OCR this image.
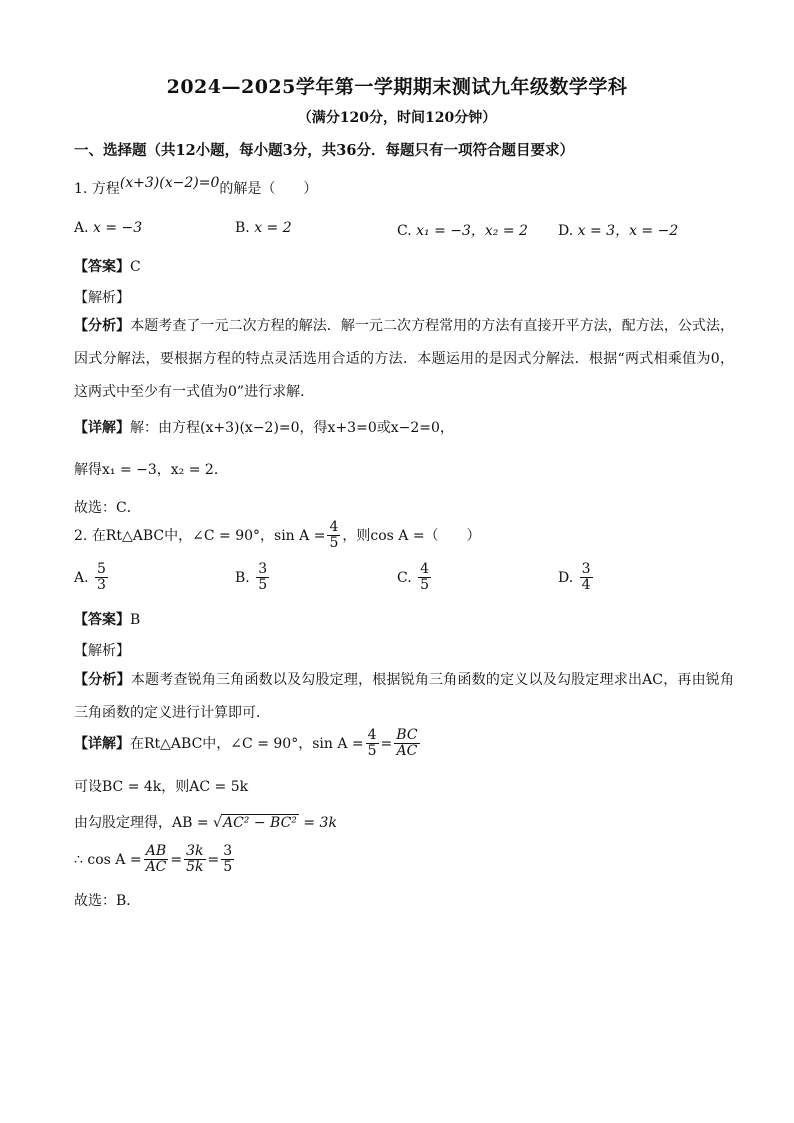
2024—2025学年第一学期期末测试九年级数学学科
（满分120分，时间120分钟）
一、选择题（共12小题，每小题3分，共36分．每题只有一项符合题目要求）
1. 方程(x+3)(x−2)=0的解是（　　）
A. x = −3	B. x = 2	C. x₁ = −3，x₂ = 2 D. x = 3，x = −2
【答案】C
【解析】
【分析】本题考查了一元二次方程的解法．解一元二次方程常用的方法有直接开平方法，配方法，公式法，因式分解法，要根据方程的特点灵活选用合适的方法．本题运用的是因式分解法．根据“两式相乘值为0，这两式中至少有一式值为0”进行求解．
【详解】解：由方程(x+3)(x−2)=0，得x+3=0或x−2=0，
解得x₁ = −3，x₂ = 2．
故选：C．
2. 在Rt△ABC中，∠C = 90°，$\sin A = \frac{4}{5}$ ，则cos A =（　　）
A. $\frac{5}{3}$	B. $\frac{3}{5}$	C. $\frac{4}{5}$	D. $\frac{3}{4}$
【答案】B
【解析】
【分析】本题考查锐角三角函数以及勾股定理，根据锐角三角函数的定义以及勾股定理求出AC，再由锐角三角函数的定义进行计算即可．
【详解】在Rt△ABC中，∠C = 90°，$\sin A = \frac{4}{5} = \frac{BC}{AC}$
可设BC = 4k，则AC = 5k
由勾股定理得，AB = √AC² − BC² = 3k
∴ $\cos A = \frac{AB}{AC} = \frac{3k}{5k} = \frac{3}{5}$
故选：B．
